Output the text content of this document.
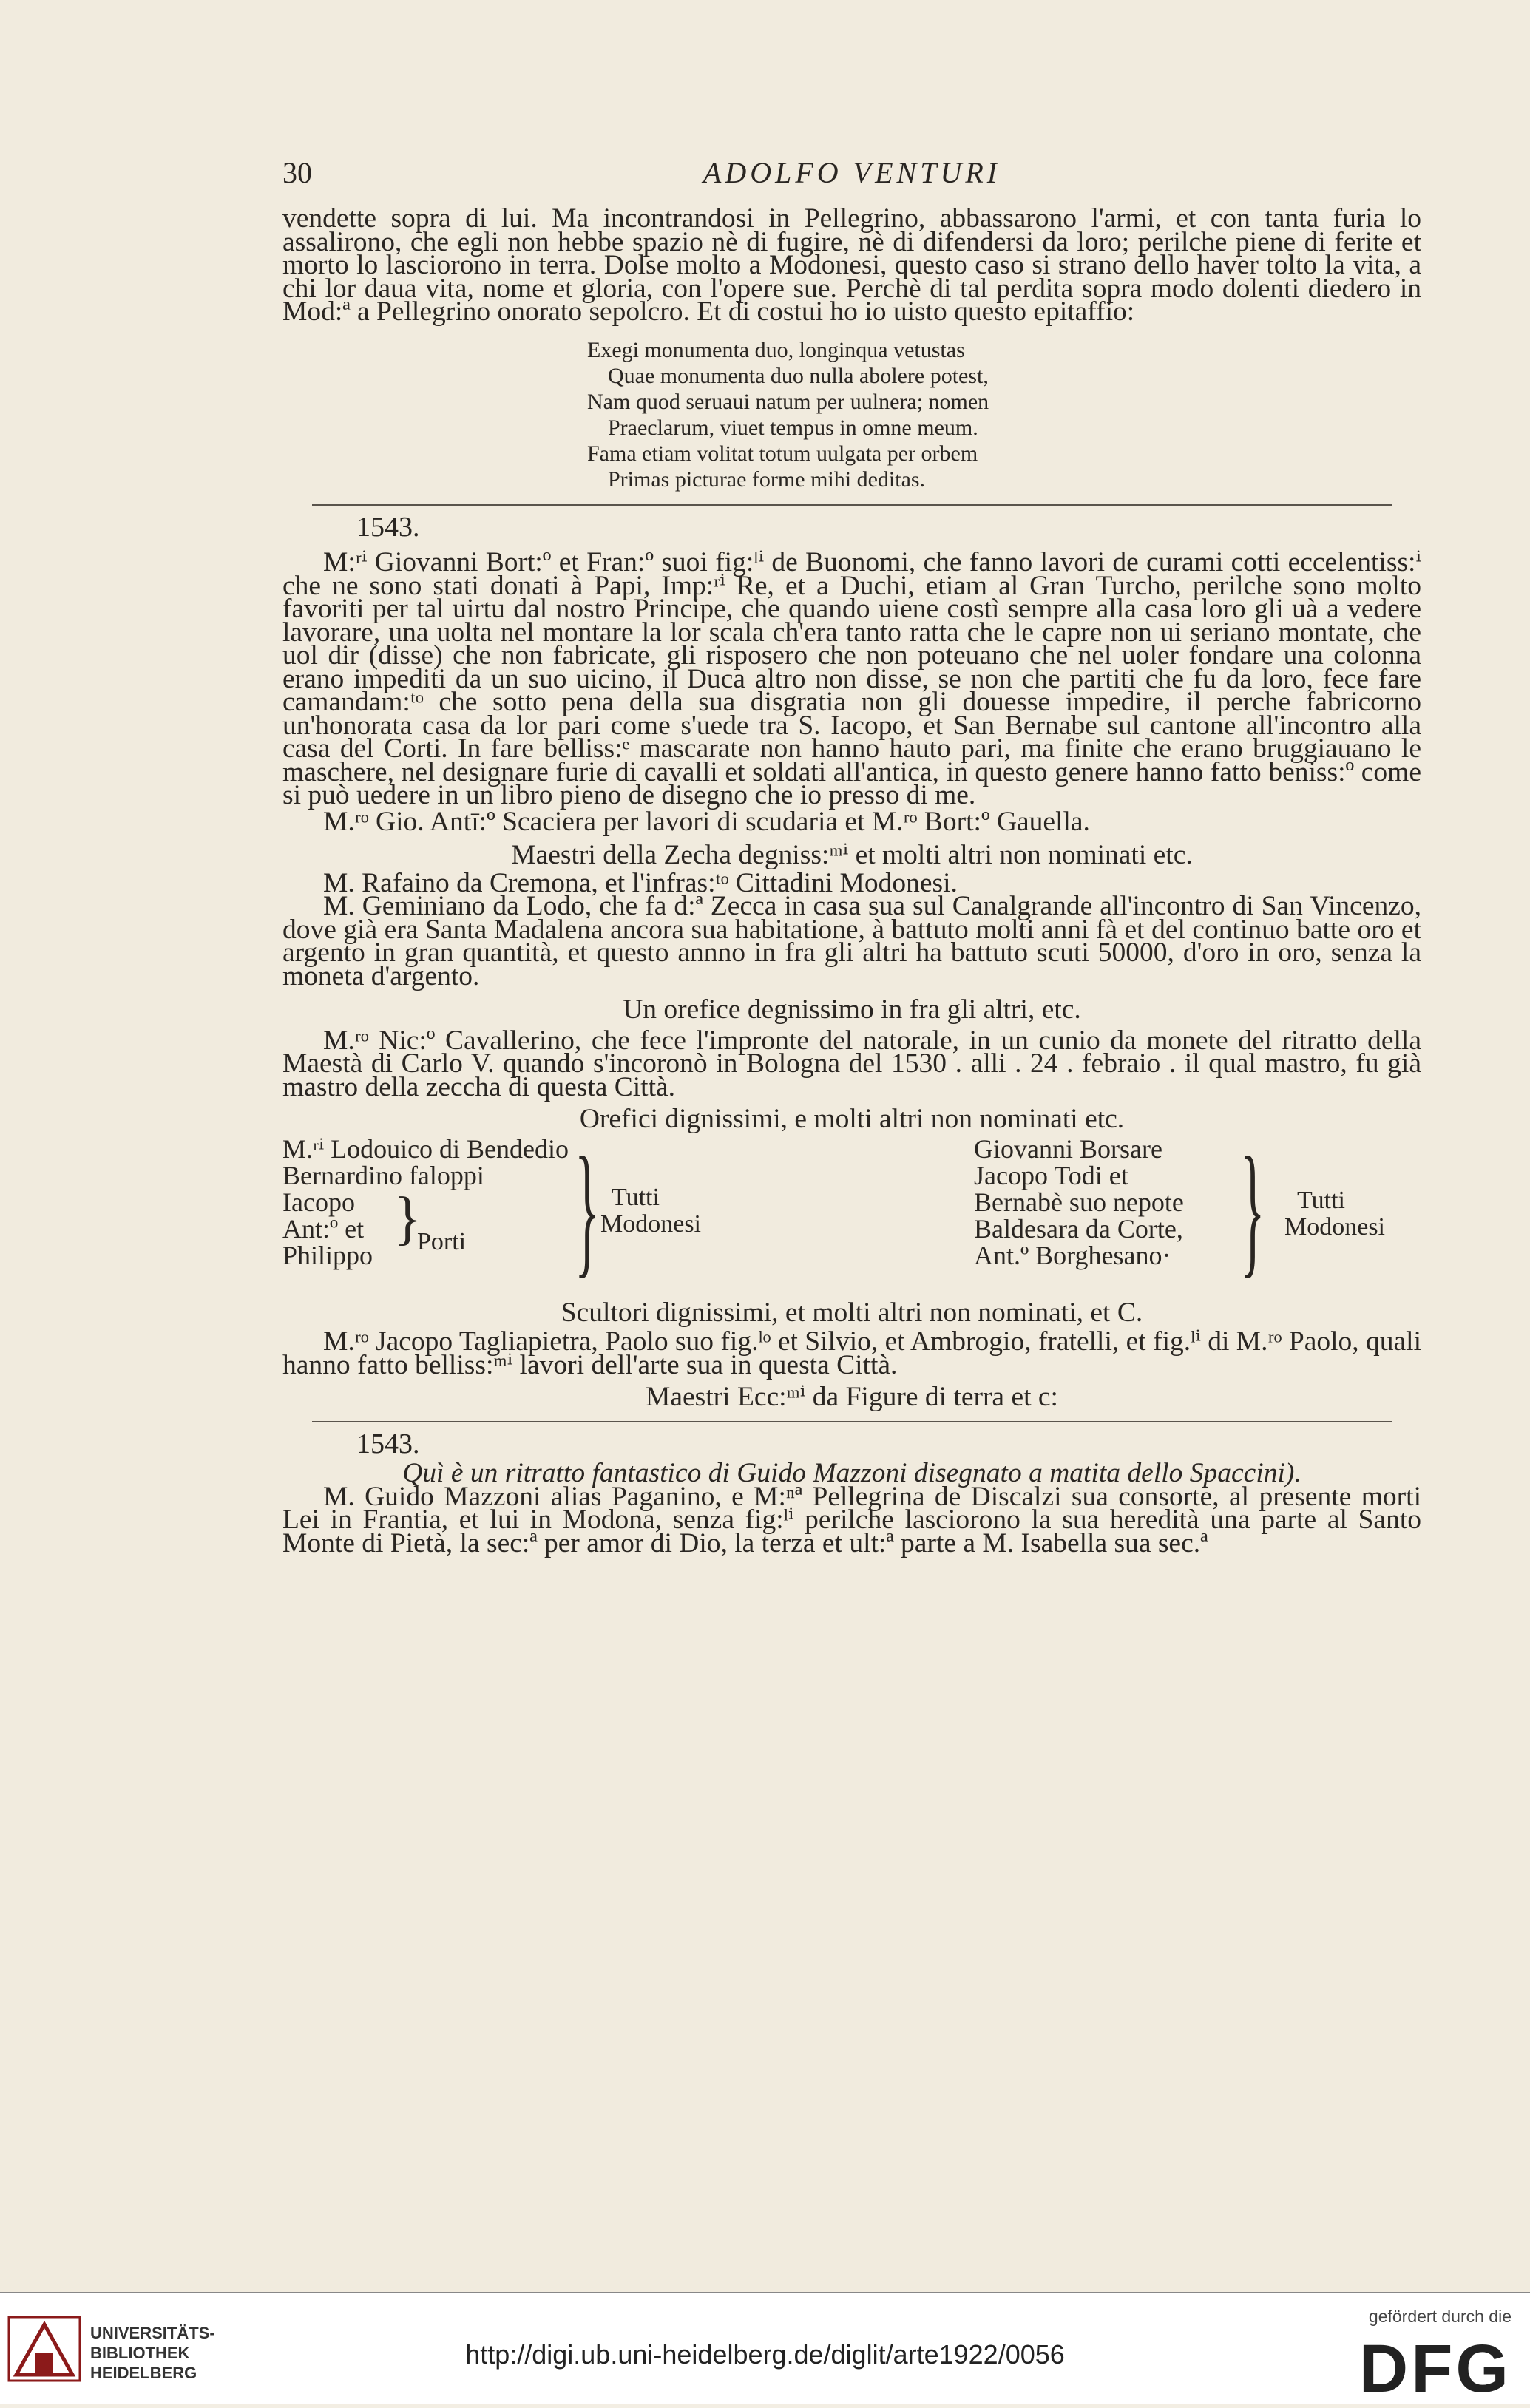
30	ADOLFO VENTURI

vendette sopra di lui. Ma incontrandosi in Pellegrino, abbassarono l'armi, et con tanta furia lo assalirono, che egli non hebbe spazio nè di fugire, nè di difendersi da loro; perilche piene di ferite et morto lo lasciorono in terra. Dolse molto a Modonesi, questo caso si strano dello haver tolto la vita, a chi lor daua vita, nome et gloria, con l'opere sue. Perchè di tal perdita sopra modo dolenti diedero in Mod:ª a Pellegrino onorato sepolcro. Et di costui ho io uisto questo epitaffio:

Exegi monumenta duo, longinqua vetustas
Quae monumenta duo nulla abolere potest,
Nam quod seruaui natum per uulnera; nomen
Praeclarum, viuet tempus in omne meum.
Fama etiam volitat totum uulgata per orbem
Primas picturae forme mihi deditas.
1543.

M:ʳⁱ Giovanni Bort:º et Fran:º suoi fig:ˡⁱ de Buonomi, che fanno lavori de curami cotti eccelentiss:ⁱ che ne sono stati donati à Papi, Imp:ʳⁱ Re, et a Duchi, etiam al Gran Turcho, perilche sono molto favoriti per tal uirtu dal nostro Principe, che quando uiene costì sempre alla casa loro gli uà a vedere lavorare, una uolta nel montare la lor scala ch'era tanto ratta che le capre non ui seriano montate, che uol dir (disse) che non fabricate, gli risposero che non poteuano che nel uoler fondare una colonna erano impediti da un suo uicino, il Duca altro non disse, se non che partiti che fu da loro, fece fare camandam:ᵗᵒ che sotto pena della sua disgratia non gli douesse impedire, il perche fabricorno un'honorata casa da lor pari come s'uede tra S. Iacopo, et San Bernabe sul cantone all'incontro alla casa del Corti. In fare belliss:ᵉ mascarate non hanno hauto pari, ma finite che erano bruggiauano le maschere, nel designare furie di cavalli et soldati all'antica, in questo genere hanno fatto beniss:º come si può uedere in un libro pieno de disegno che io presso di me.

M.ʳᵒ Gio. Antī:º Scaciera per lavori di scudaria et M.ʳᵒ Bort:º Gauella.

Maestri della Zecha degniss:ᵐⁱ et molti altri non nominati etc.

M. Rafaino da Cremona, et l'infras:ᵗᵒ Cittadini Modonesi.

M. Geminiano da Lodo, che fa d:ª Zecca in casa sua sul Canalgrande all'incontro di San Vincenzo, dove già era Santa Madalena ancora sua habitatione, à battuto molti anni fà et del continuo batte oro et argento in gran quantità, et questo annno in fra gli altri ha battuto scuti 50000, d'oro in oro, senza la moneta d'argento.

Un orefice degnissimo in fra gli altri, etc.

M.ʳᵒ Nic:º Cavallerino, che fece l'impronte del natorale, in un cunio da monete del ritratto della Maestà di Carlo V. quando s'incoronò in Bologna del 1530 . alli . 24 . febraio . il qual mastro, fu già mastro della zeccha di questa Città.

Orefici dignissimi, e molti altri non nominati etc.

M.ʳⁱ Lodouico di Bendedio
Bernardino faloppi
Iacopo
Ant:º et
Philippo
}
Porti } Tutti
Modonesi
Giovanni Borsare
Jacopo Todi et
Bernabè suo nepote
Baldesara da Corte,
Ant.º Borghesano· } Tutti
Modonesi

Scultori dignissimi, et molti altri non nominati, et C.

M.ʳᵒ Jacopo Tagliapietra, Paolo suo fig.ˡᵒ et Silvio, et Ambrogio, fratelli, et fig.ˡⁱ di M.ʳᵒ Paolo, quali hanno fatto belliss:ᵐⁱ lavori dell'arte sua in questa Città.

Maestri Ecc:ᵐⁱ da Figure di terra et c:

1543.

Quì è un ritratto fantastico di Guido Mazzoni disegnato a matita dello Spaccini).

M. Guido Mazzoni alias Paganino, e M:ⁿª Pellegrina de Discalzi sua consorte, al presente morti Lei in Frantia, et lui in Modona, senza fig:ˡⁱ perilche lasciorono la sua heredità una parte al Santo Monte di Pietà, la sec:ª per amor di Dio, la terza et ult:ª parte a M. Isabella sua sec.ª

UNIVERSITÄTS-
BIBLIOTHEK
HEIDELBERG
http://digi.ub.uni-heidelberg.de/diglit/arte1922/0056
gefördert durch die
DFG
